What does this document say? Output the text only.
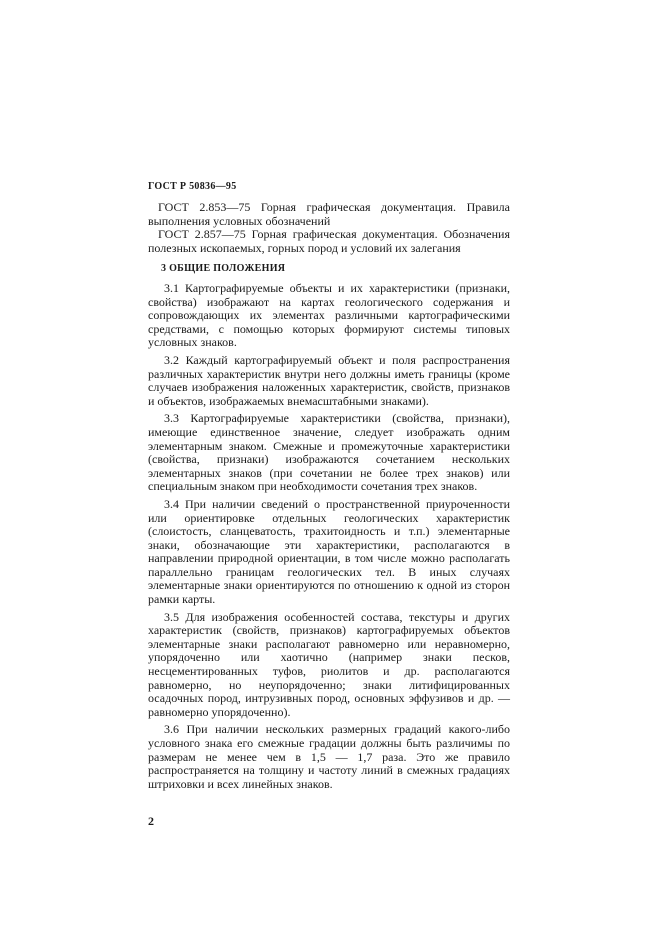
ГОСТ Р 50836—95

ГОСТ 2.853—75 Горная графическая документация. Правила выполнения условных обозначений

ГОСТ 2.857—75 Горная графическая документация. Обозначения полезных ископаемых, горных пород и условий их залегания

3 ОБЩИЕ ПОЛОЖЕНИЯ

3.1 Картографируемые объекты и их характеристики (признаки, свойства) изображают на картах геологического содержания и сопровождающих их элементах различными картографическими средствами, с помощью которых формируют системы типовых условных знаков.

3.2 Каждый картографируемый объект и поля распространения различных характеристик внутри него должны иметь границы (кроме случаев изображения наложенных характеристик, свойств, признаков и объектов, изображаемых внемасштабными знаками).

3.3 Картографируемые характеристики (свойства, признаки), имеющие единственное значение, следует изображать одним элементарным знаком. Смежные и промежуточные характеристики (свойства, признаки) изображаются сочетанием нескольких элементарных знаков (при сочетании не более трех знаков) или специальным знаком при необходимости сочетания трех знаков.

3.4 При наличии сведений о пространственной приуроченности или ориентировке отдельных геологических характеристик (слоистость, сланцеватость, трахитоидность и т.п.) элементарные знаки, обозначающие эти характеристики, располагаются в направлении природной ориентации, в том числе можно располагать параллельно границам геологических тел. В иных случаях элементарные знаки ориентируются по отношению к одной из сторон рамки карты.

3.5 Для изображения особенностей состава, текстуры и других характеристик (свойств, признаков) картографируемых объектов элементарные знаки располагают равномерно или неравномерно, упорядоченно или хаотично (например знаки песков, несцементированных туфов, риолитов и др. располагаются равномерно, но неупорядоченно; знаки литифицированных осадочных пород, интрузивных пород, основных эффузивов и др. — равномерно упорядоченно).

3.6 При наличии нескольких размерных градаций какого-либо условного знака его смежные градации должны быть различимы по размерам не менее чем в 1,5 — 1,7 раза. Это же правило распространяется на толщину и частоту линий в смежных градациях штриховки и всех линейных знаков.

2
